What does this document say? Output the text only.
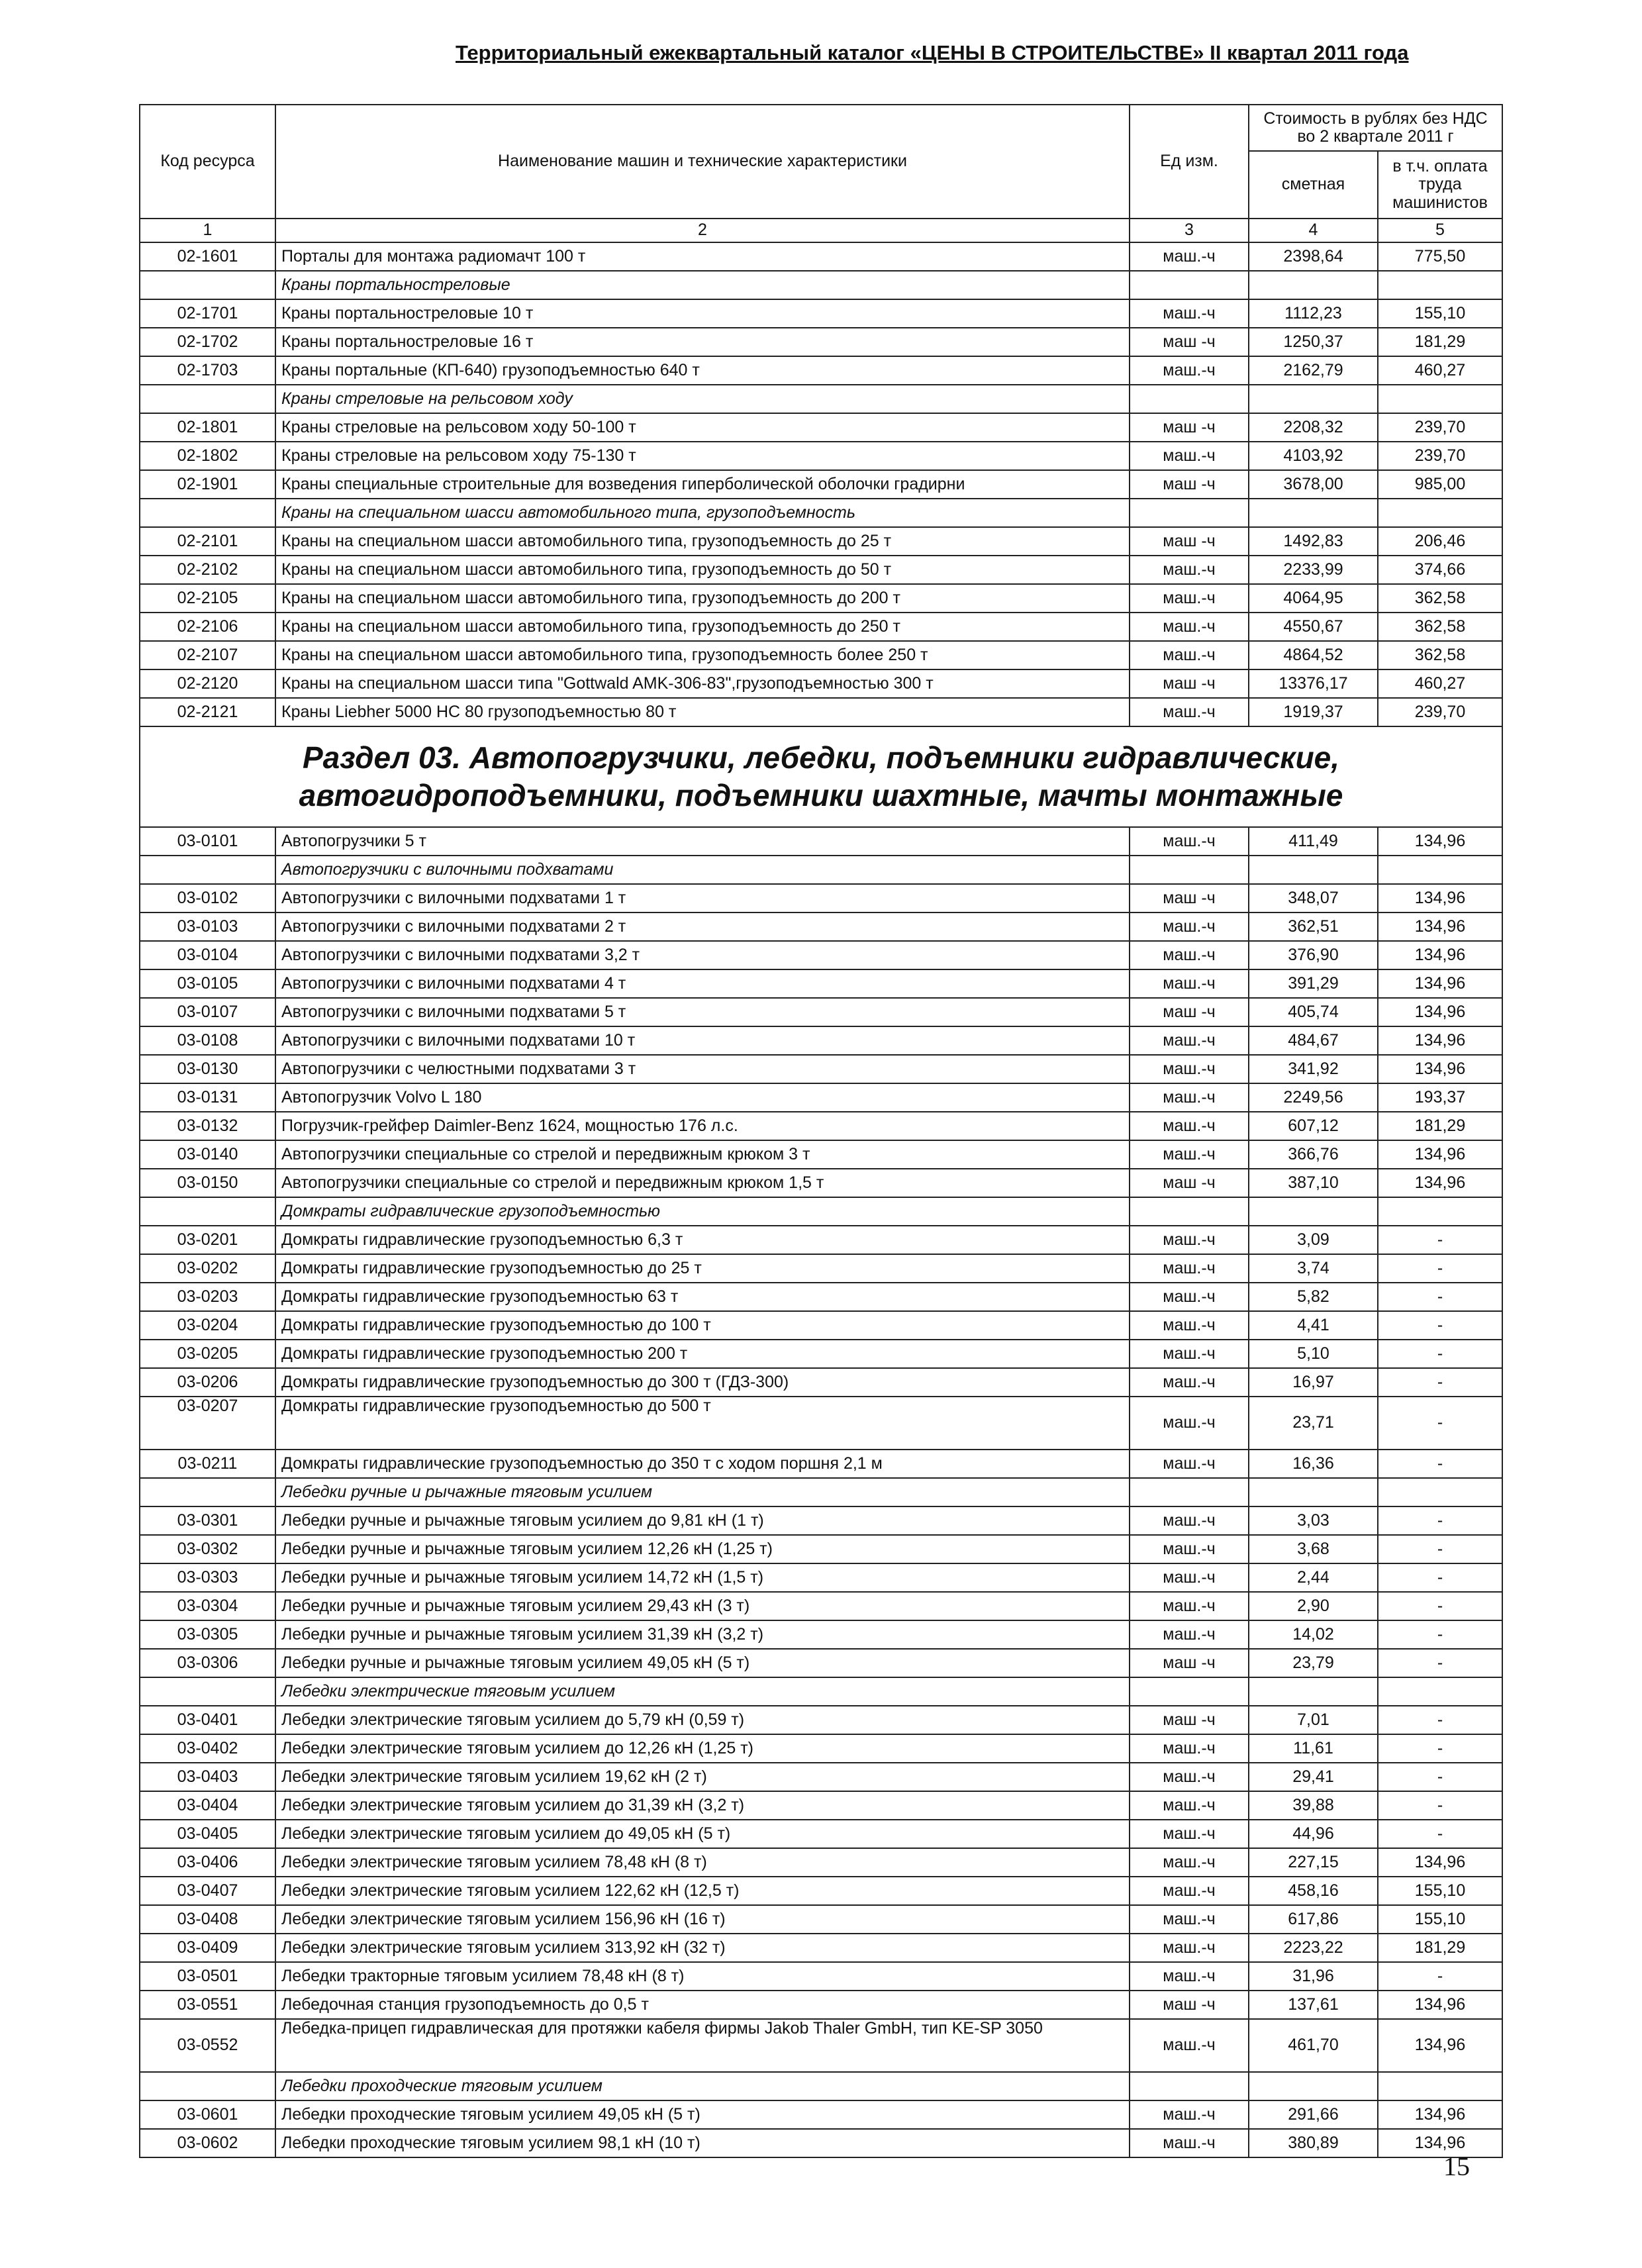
Территориальный ежеквартальный каталог «ЦЕНЫ В СТРОИТЕЛЬСТВЕ» II квартал 2011 года
Код ресурса	Наименование машин и технические характеристики	Ед изм.	Стоимость в рублях без НДС во 2 квартале 2011 г	
			сметная	в т.ч. оплата труда машинистов
1	2	3	4	5
02-1601	Порталы для монтажа радиомачт 100 т	маш.-ч	2398,64	775,50
	Краны портальностреловые			
02-1701	Краны портальностреловые 10 т	маш.-ч	1112,23	155,10
02-1702	Краны портальностреловые 16 т	маш -ч	1250,37	181,29
02-1703	Краны портальные (КП-640) грузоподъемностью 640 т	маш.-ч	2162,79	460,27
	Краны стреловые на рельсовом ходу			
02-1801	Краны стреловые на рельсовом ходу 50-100 т	маш -ч	2208,32	239,70
02-1802	Краны стреловые на рельсовом ходу 75-130 т	маш.-ч	4103,92	239,70
02-1901	Краны специальные строительные для возведения гиперболической оболочки градирни	маш -ч	3678,00	985,00
	Краны на специальном шасси автомобильного типа, грузоподъемность			
02-2101	Краны на специальном шасси автомобильного типа, грузоподъемность до 25 т	маш -ч	1492,83	206,46
02-2102	Краны на специальном шасси автомобильного типа, грузоподъемность до 50 т	маш.-ч	2233,99	374,66
02-2105	Краны на специальном шасси автомобильного типа, грузоподъемность до 200 т	маш.-ч	4064,95	362,58
02-2106	Краны на специальном шасси автомобильного типа, грузоподъемность до 250 т	маш.-ч	4550,67	362,58
02-2107	Краны на специальном шасси автомобильного типа, грузоподъемность более 250 т	маш.-ч	4864,52	362,58
02-2120	Краны на специальном шасси типа "Gottwald AMK-306-83",грузоподъемностью 300 т	маш -ч	13376,17	460,27
02-2121	Краны Liebher 5000 HC 80 грузоподъемностью 80 т	маш.-ч	1919,37	239,70
Раздел 03. Автопогрузчики, лебедки, подъемники гидравлические, автогидроподъемники, подъемники шахтные, мачты монтажные				
03-0101	Автопогрузчики 5 т	маш.-ч	411,49	134,96
	Автопогрузчики с вилочными подхватами			
03-0102	Автопогрузчики с вилочными подхватами 1 т	маш -ч	348,07	134,96
03-0103	Автопогрузчики с вилочными подхватами 2 т	маш.-ч	362,51	134,96
03-0104	Автопогрузчики с вилочными подхватами 3,2 т	маш.-ч	376,90	134,96
03-0105	Автопогрузчики с вилочными подхватами 4 т	маш.-ч	391,29	134,96
03-0107	Автопогрузчики с вилочными подхватами 5 т	маш -ч	405,74	134,96
03-0108	Автопогрузчики с вилочными подхватами 10 т	маш.-ч	484,67	134,96
03-0130	Автопогрузчики с челюстными подхватами 3 т	маш.-ч	341,92	134,96
03-0131	Автопогрузчик Volvo L 180	маш.-ч	2249,56	193,37
03-0132	Погрузчик-грейфер Daimler-Benz 1624, мощностью 176 л.с.	маш.-ч	607,12	181,29
03-0140	Автопогрузчики специальные со стрелой и передвижным крюком 3 т	маш.-ч	366,76	134,96
03-0150	Автопогрузчики специальные со стрелой и передвижным крюком 1,5 т	маш -ч	387,10	134,96
	Домкраты гидравлические грузоподъемностью			
03-0201	Домкраты гидравлические грузоподъемностью 6,3 т	маш.-ч	3,09	-
03-0202	Домкраты гидравлические грузоподъемностью до 25 т	маш.-ч	3,74	-
03-0203	Домкраты гидравлические грузоподъемностью 63 т	маш.-ч	5,82	-
03-0204	Домкраты гидравлические грузоподъемностью до 100 т	маш.-ч	4,41	-
03-0205	Домкраты гидравлические грузоподъемностью 200 т	маш.-ч	5,10	-
03-0206	Домкраты гидравлические грузоподъемностью до 300 т (ГДЗ-300)	маш.-ч	16,97	-
03-0207	Домкраты гидравлические грузоподъемностью до 500 т	маш.-ч	23,71	-
03-0211	Домкраты гидравлические грузоподъемностью до 350 т с ходом поршня 2,1 м	маш.-ч	16,36	-
	Лебедки ручные и рычажные тяговым усилием			
03-0301	Лебедки ручные и рычажные тяговым усилием до 9,81 кН (1 т)	маш.-ч	3,03	-
03-0302	Лебедки ручные и рычажные тяговым усилием 12,26 кН (1,25 т)	маш.-ч	3,68	-
03-0303	Лебедки ручные и рычажные тяговым усилием 14,72 кН (1,5 т)	маш.-ч	2,44	-
03-0304	Лебедки ручные и рычажные тяговым усилием 29,43 кН (3 т)	маш.-ч	2,90	-
03-0305	Лебедки ручные и рычажные тяговым усилием 31,39 кН (3,2 т)	маш.-ч	14,02	-
03-0306	Лебедки ручные и рычажные тяговым усилием 49,05 кН (5 т)	маш -ч	23,79	-
	Лебедки электрические тяговым усилием			
03-0401	Лебедки электрические тяговым усилием до 5,79 кН (0,59 т)	маш -ч	7,01	-
03-0402	Лебедки электрические тяговым усилием до 12,26 кН (1,25 т)	маш.-ч	11,61	-
03-0403	Лебедки электрические тяговым усилием 19,62 кН (2 т)	маш.-ч	29,41	-
03-0404	Лебедки электрические тяговым усилием до 31,39 кН (3,2 т)	маш.-ч	39,88	-
03-0405	Лебедки электрические тяговым усилием до 49,05 кН (5 т)	маш.-ч	44,96	-
03-0406	Лебедки электрические тяговым усилием 78,48 кН (8 т)	маш.-ч	227,15	134,96
03-0407	Лебедки электрические тяговым усилием 122,62 кН (12,5 т)	маш.-ч	458,16	155,10
03-0408	Лебедки электрические тяговым усилием 156,96 кН (16 т)	маш.-ч	617,86	155,10
03-0409	Лебедки электрические тяговым усилием 313,92 кН (32 т)	маш.-ч	2223,22	181,29
03-0501	Лебедки тракторные тяговым усилием 78,48 кН (8 т)	маш.-ч	31,96	-
03-0551	Лебедочная станция грузоподъемность до 0,5 т	маш -ч	137,61	134,96
03-0552	Лебедка-прицеп гидравлическая для протяжки кабеля фирмы Jakob Thaler GmbH, тип KE-SP 3050	маш.-ч	461,70	134,96
	Лебедки проходческие тяговым усилием			
03-0601	Лебедки проходческие тяговым усилием 49,05 кН (5 т)	маш.-ч	291,66	134,96
03-0602	Лебедки проходческие тяговым усилием 98,1 кН (10 т)	маш.-ч	380,89	134,96
15
